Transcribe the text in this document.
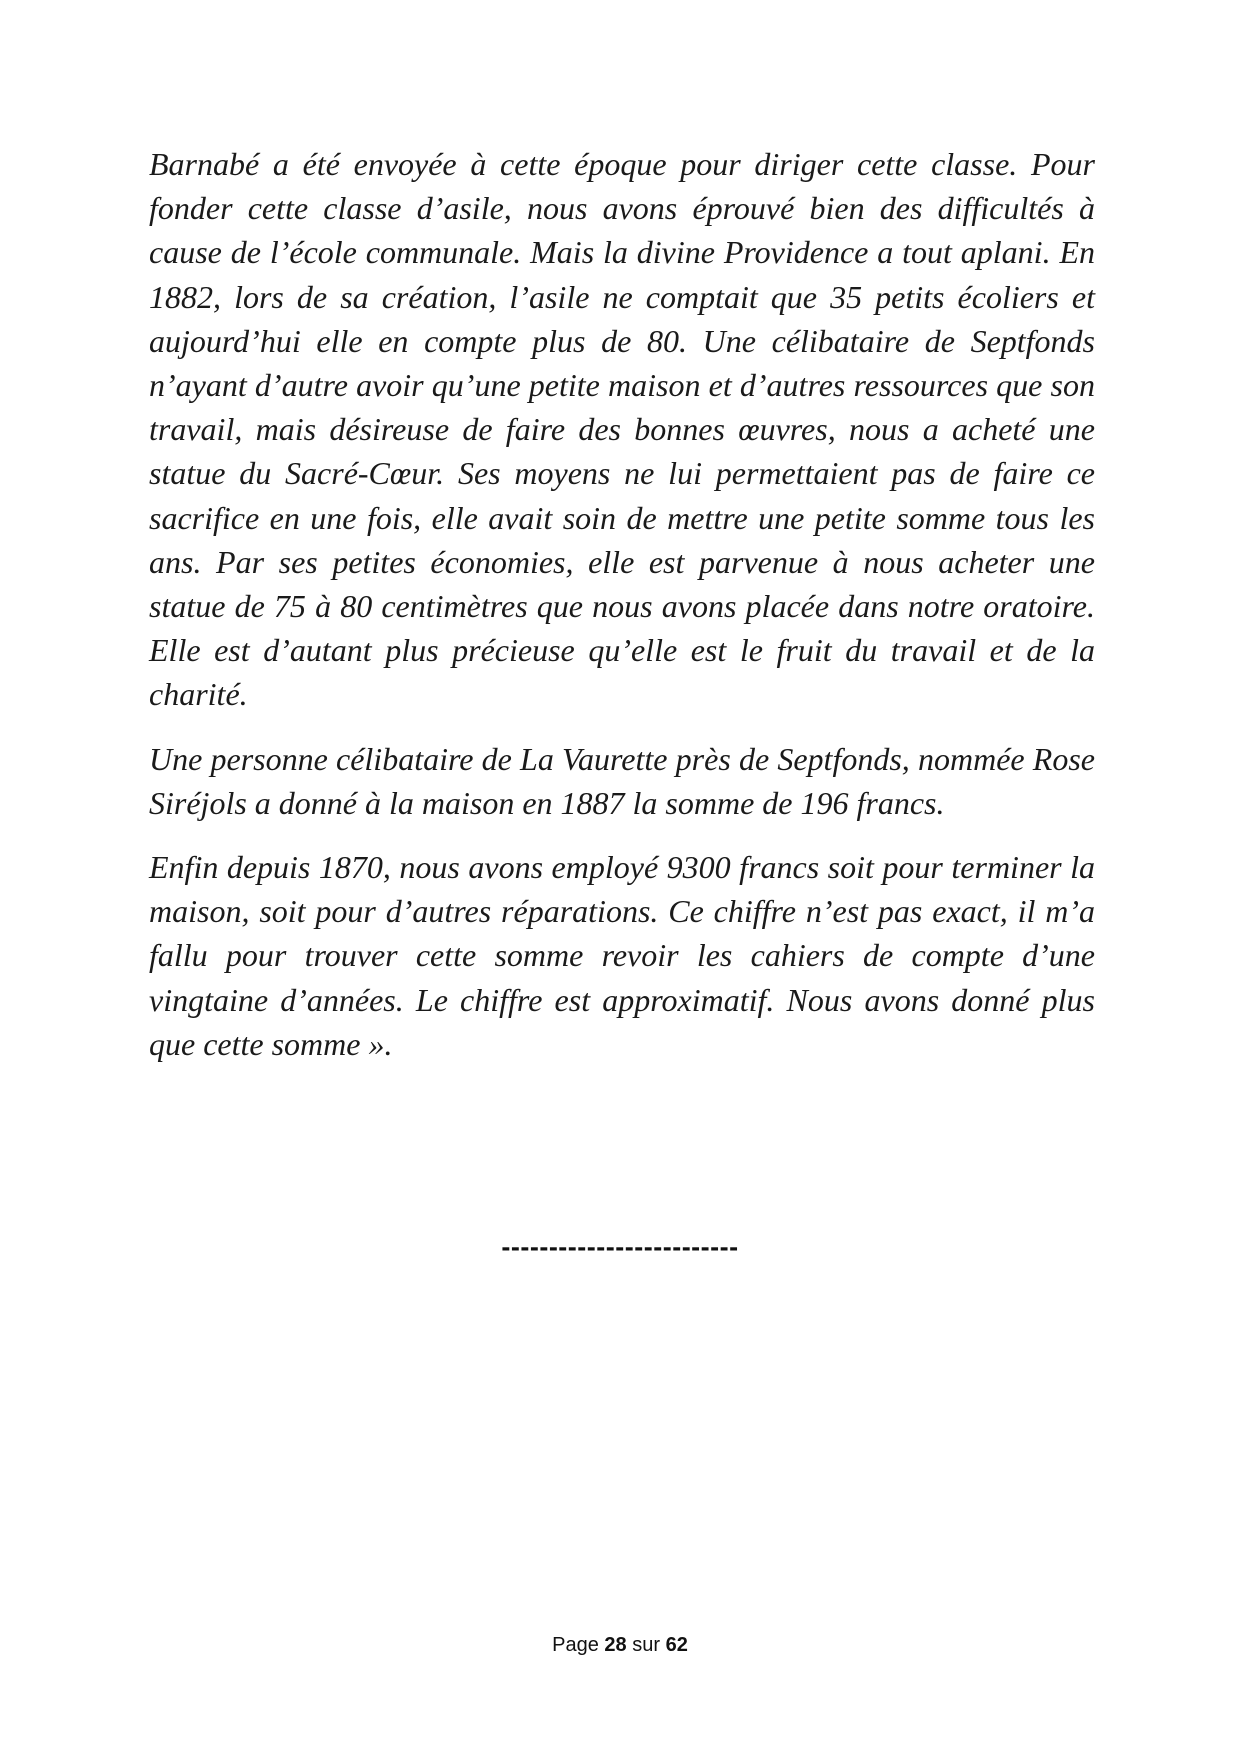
Barnabé a été envoyée à cette époque pour diriger cette classe. Pour fonder cette classe d’asile, nous avons éprouvé bien des difficultés à cause de l’école communale. Mais la divine Providence a tout aplani. En 1882, lors de sa création, l’asile ne comptait que 35 petits écoliers et aujourd’hui elle en compte plus de 80. Une célibataire de Septfonds n’ayant d’autre avoir qu’une petite maison et d’autres ressources que son travail, mais désireuse de faire des bonnes œuvres, nous a acheté une statue du Sacré-Cœur. Ses moyens ne lui permettaient pas de faire ce sacrifice en une fois, elle avait soin de mettre une petite somme tous les ans. Par ses petites économies, elle est parvenue à nous acheter une statue de 75 à 80 centimètres que nous avons placée dans notre oratoire. Elle est d’autant plus précieuse qu’elle est le fruit du travail et de la charité.

Une personne célibataire de La Vaurette près de Septfonds, nommée Rose Siréjols a donné à la maison en 1887 la somme de 196 francs.

Enfin depuis 1870, nous avons employé 9300 francs soit pour terminer la maison, soit pour d’autres réparations. Ce chiffre n’est pas exact, il m’a fallu pour trouver cette somme revoir les cahiers de compte d’une vingtaine d’années. Le chiffre est approximatif. Nous avons donné plus que cette somme ».

-------------------------
Page 28 sur 62
